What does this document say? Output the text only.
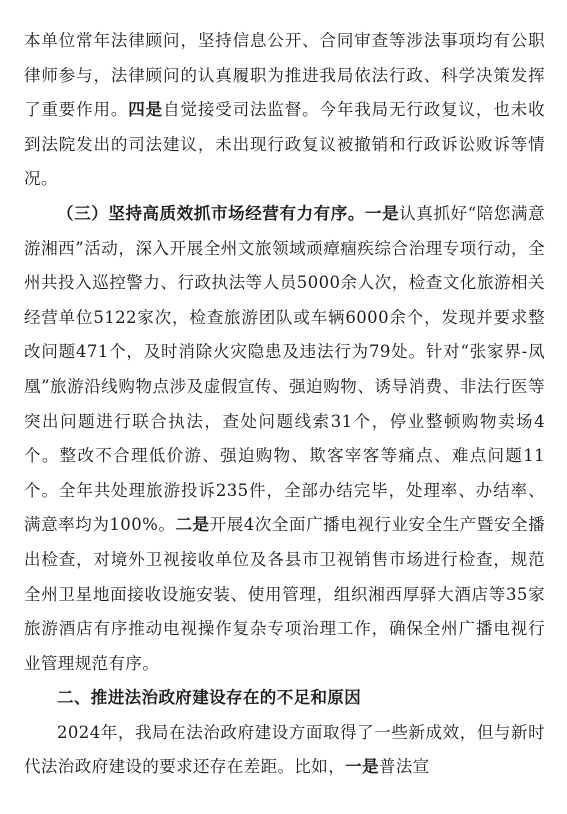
本单位常年法律顾问，坚持信息公开、合同审查等涉法事项均有公职律师参与，法律顾问的认真履职为推进我局依法行政、科学决策发挥了重要作用。四是自觉接受司法监督。今年我局无行政复议，也未收到法院发出的司法建议，未出现行政复议被撤销和行政诉讼败诉等情况。

（三）坚持高质效抓市场经营有力有序。一是认真抓好“陪您满意游湘西”活动，深入开展全州文旅领域顽瘴痼疾综合治理专项行动，全州共投入巡控警力、行政执法等人员5000余人次，检查文化旅游相关经营单位5122家次，检查旅游团队或车辆6000余个，发现并要求整改问题471个，及时消除火灾隐患及违法行为79处。针对“张家界-凤凰”旅游沿线购物点涉及虚假宣传、强迫购物、诱导消费、非法行医等突出问题进行联合执法，查处问题线索31个，停业整顿购物卖场4个。整改不合理低价游、强迫购物、欺客宰客等痛点、难点问题11个。全年共处理旅游投诉235件，全部办结完毕，处理率、办结率、满意率均为100%。二是开展4次全面广播电视行业安全生产暨安全播出检查，对境外卫视接收单位及各县市卫视销售市场进行检查，规范全州卫星地面接收设施安装、使用管理，组织湘西厚驿大酒店等35家旅游酒店有序推动电视操作复杂专项治理工作，确保全州广播电视行业管理规范有序。

二、推进法治政府建设存在的不足和原因

2024年，我局在法治政府建设方面取得了一些新成效，但与新时代法治政府建设的要求还存在差距。比如，一是普法宣
